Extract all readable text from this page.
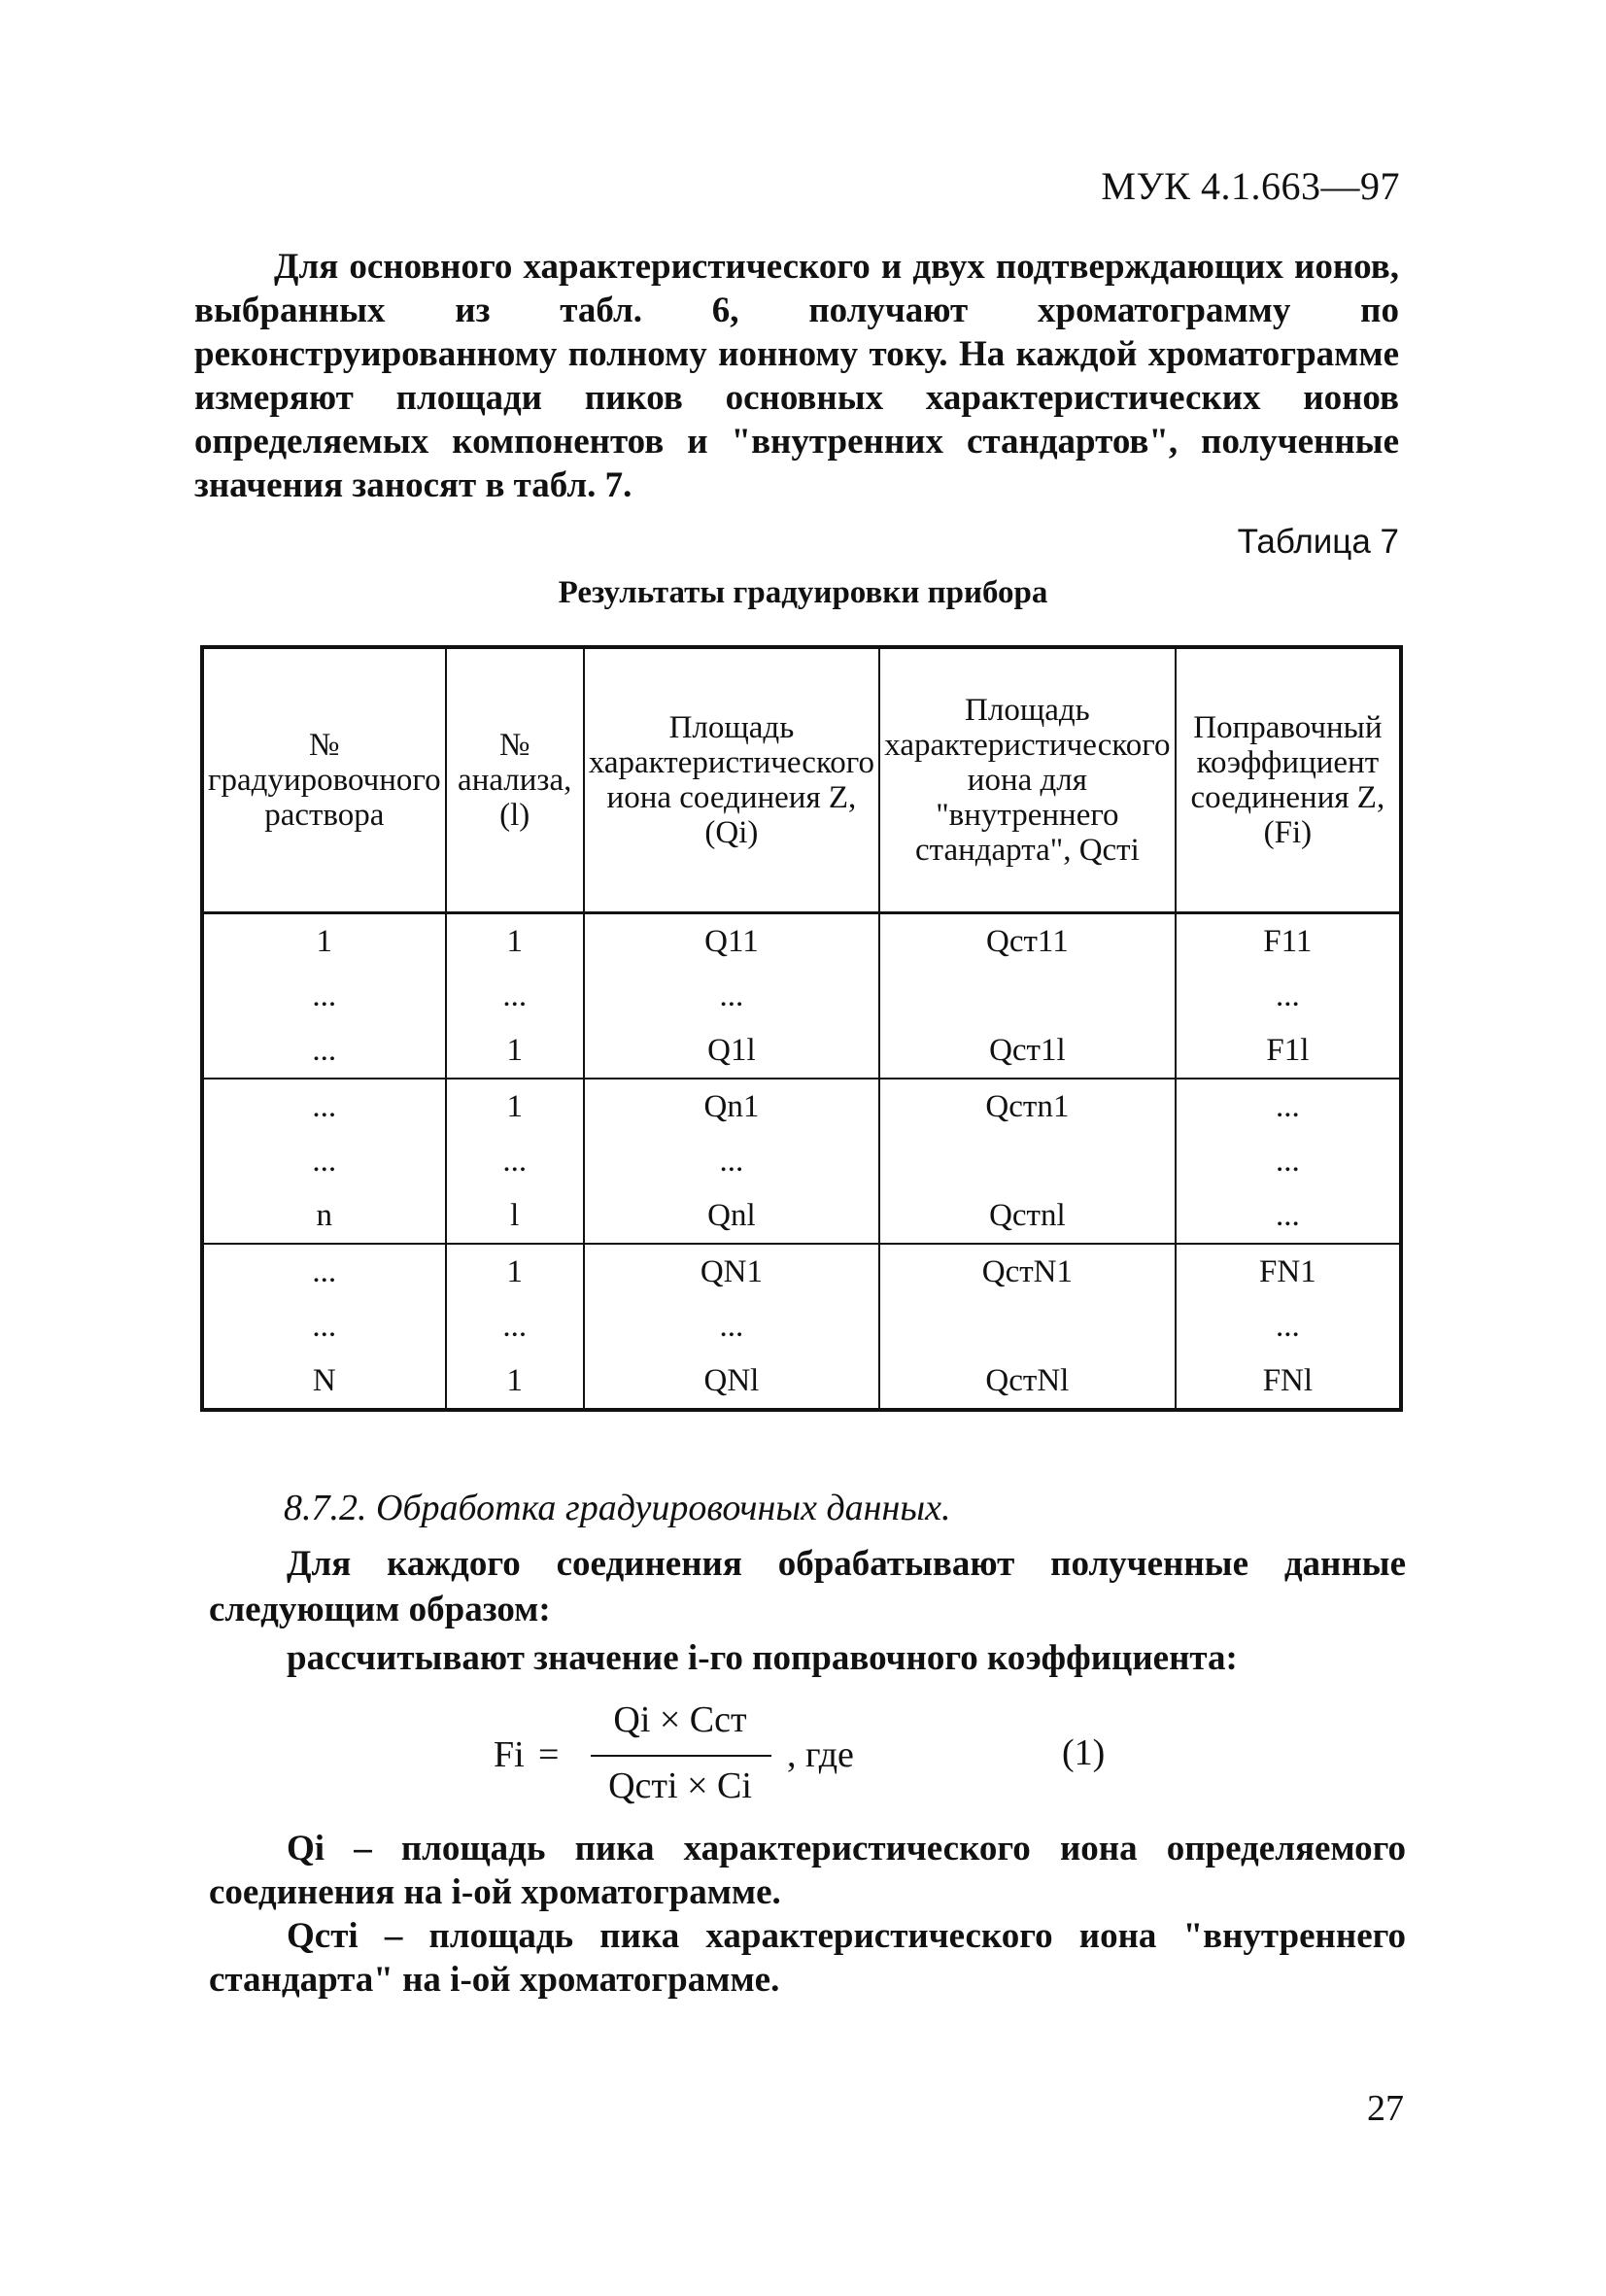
МУК 4.1.663—97
Для основного характеристического и двух подтверждающих ионов, выбранных из табл. 6, получают хроматограмму по реконструированному полному ионному току. На каждой хроматограмме измеряют площади пиков основных характеристических ионов определяемых компонентов и "внутренних стандартов", полученные значения заносят в табл. 7.
Таблица 7
Результаты градуировки прибора
№ градуировочного раствора	№ анализа, (l)	Площадь характеристического иона соединеия Z, (Qi)	Площадь характеристического иона для "внутреннего стандарта", Qстi	Поправочный коэффициент соединения Z, (Fi)
1	1	Q11	Qст11	F11
...	...	...		...
...	1	Q1l	Qст1l	F1l
...	1	Qn1	Qстn1	...
...	...	...		...
n	l	Qnl	Qстnl	...
...	1	QN1	QстN1	FN1
...	...	...		...
N	1	QNl	QстNl	FNl
8.7.2. Обработка градуировочных данных.
Для каждого соединения обрабатывают полученные данные следующим образом:
рассчитывают значение i-го поправочного коэффициента:
Fi =
Qi × Cст
Qстi × Ci
, где	(1)

Qi – площадь пика характеристического иона определяемого соединения на i-ой хроматограмме.

Qстi – площадь пика характеристического иона "внутреннего стандарта" на i-ой хроматограмме.

27
